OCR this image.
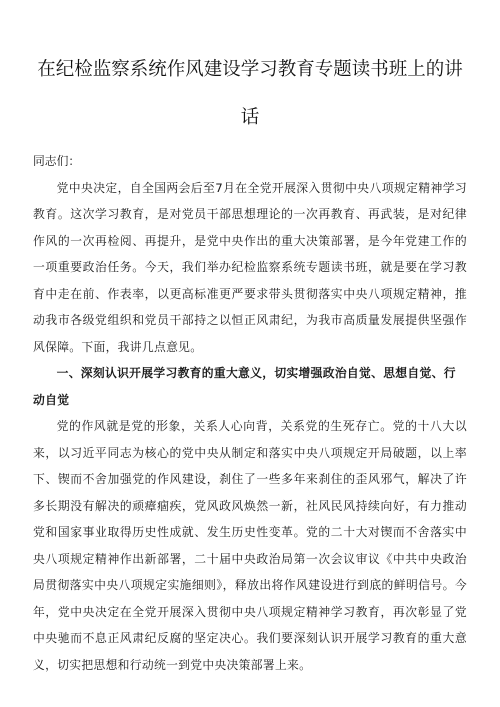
在纪检监察系统作风建设学习教育专题读书班上的讲话

同志们：

党中央决定，自全国两会后至7月在全党开展深入贯彻中央八项规定精神学习教育。这次学习教育，是对党员干部思想理论的一次再教育、再武装，是对纪律作风的一次再检阅、再提升，是党中央作出的重大决策部署，是今年党建工作的一项重要政治任务。今天，我们举办纪检监察系统专题读书班，就是要在学习教育中走在前、作表率，以更高标准更严要求带头贯彻落实中央八项规定精神，推动我市各级党组织和党员干部持之以恒正风肃纪，为我市高质量发展提供坚强作风保障。下面，我讲几点意见。

一、深刻认识开展学习教育的重大意义，切实增强政治自觉、思想自觉、行动自觉

党的作风就是党的形象，关系人心向背，关系党的生死存亡。党的十八大以来，以习近平同志为核心的党中央从制定和落实中央八项规定开局破题，以上率下、锲而不舍加强党的作风建设，刹住了一些多年来刹住的歪风邪气，解决了许多长期没有解决的顽瘴痼疾，党风政风焕然一新，社风民风持续向好，有力推动党和国家事业取得历史性成就、发生历史性变革。党的二十大对锲而不舍落实中央八项规定精神作出新部署，二十届中央政治局第一次会议审议《中共中央政治局贯彻落实中央八项规定实施细则》，释放出将作风建设进行到底的鲜明信号。今年，党中央决定在全党开展深入贯彻中央八项规定精神学习教育，再次彰显了党中央驰而不息正风肃纪反腐的坚定决心。我们要深刻认识开展学习教育的重大意义，切实把思想和行动统一到党中央决策部署上来。
